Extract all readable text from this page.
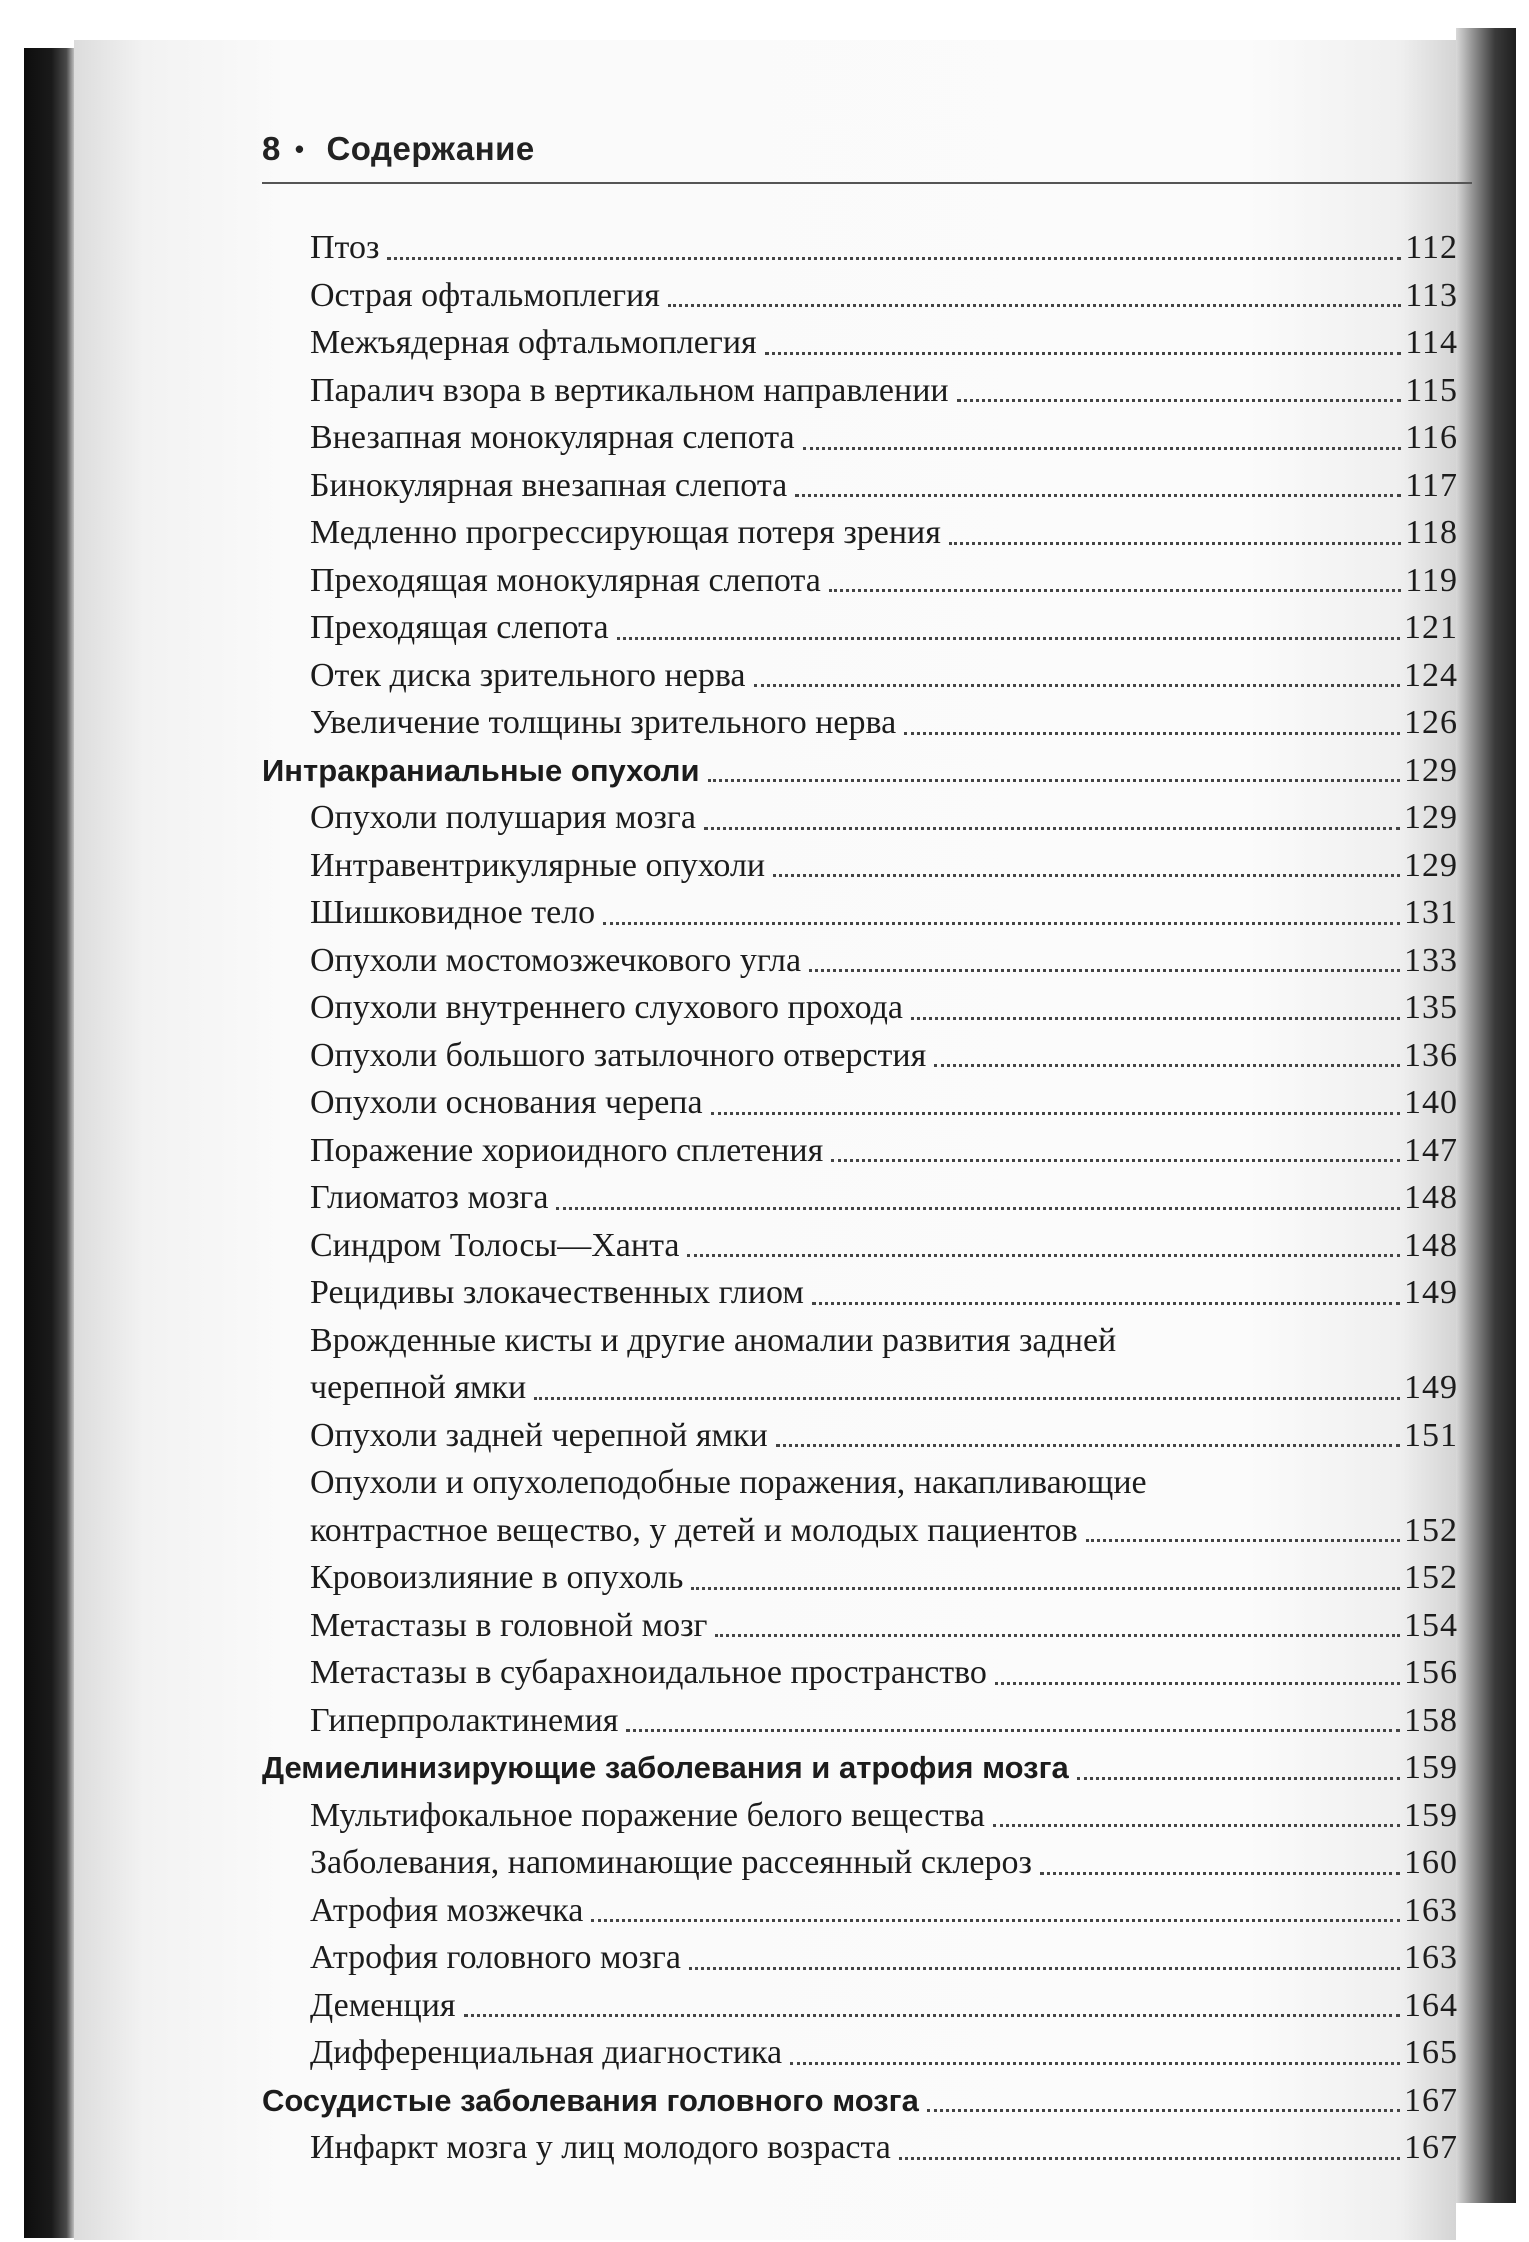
8 • Содержание
Птоз	112
Острая офтальмоплегия	113
Межъядерная офтальмоплегия	114
Паралич взора в вертикальном направлении	115
Внезапная монокулярная слепота	116
Бинокулярная внезапная слепота	117
Медленно прогрессирующая потеря зрения	118
Преходящая монокулярная слепота	119
Преходящая слепота	121
Отек диска зрительного нерва	124
Увеличение толщины зрительного нерва	126
Интракраниальные опухоли	129
Опухоли полушария мозга	129
Интравентрикулярные опухоли	129
Шишковидное тело	131
Опухоли мостомозжечкового угла	133
Опухоли внутреннего слухового прохода	135
Опухоли большого затылочного отверстия	136
Опухоли основания черепа	140
Поражение хориоидного сплетения	147
Глиоматоз мозга	148
Синдром Толосы—Ханта	148
Рецидивы злокачественных глиом	149
Врожденные кисты и другие аномалии развития задней
черепной ямки	149
Опухоли задней черепной ямки	151
Опухоли и опухолеподобные поражения, накапливающие
контрастное вещество, у детей и молодых пациентов	152
Кровоизлияние в опухоль	152
Метастазы в головной мозг	154
Метастазы в субарахноидальное пространство	156
Гиперпролактинемия	158
Демиелинизирующие заболевания и атрофия мозга	159
Мультифокальное поражение белого вещества	159
Заболевания, напоминающие рассеянный склероз	160
Атрофия мозжечка	163
Атрофия головного мозга	163
Деменция	164
Дифференциальная диагностика	165
Сосудистые заболевания головного мозга	167
Инфаркт мозга у лиц молодого возраста	167
